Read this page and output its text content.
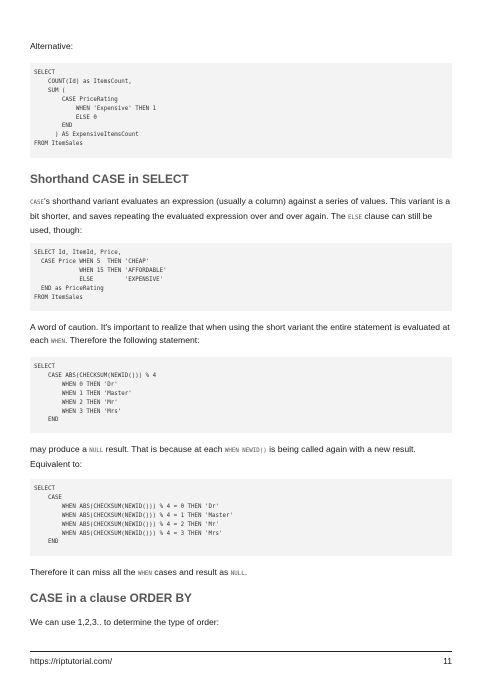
Alternative:
SELECT
COUNT(Id) as ItemsCount,
SUM (
CASE PriceRating
WHEN 'Expensive' THEN 1
ELSE 0
END
) AS ExpensiveItemsCount
FROM ItemSales
Shorthand CASE in SELECT
CASE's shorthand variant evaluates an expression (usually a column) against a series of values. This variant is a bit shorter, and saves repeating the evaluated expression over and over again. The ELSE clause can still be used, though:
SELECT Id, ItemId, Price,
CASE Price WHEN 5  THEN 'CHEAP'
WHEN 15 THEN 'AFFORDABLE'
ELSE         'EXPENSIVE'
END as PriceRating
FROM ItemSales
A word of caution. It's important to realize that when using the short variant the entire statement is evaluated at each WHEN. Therefore the following statement:
SELECT
CASE ABS(CHECKSUM(NEWID())) % 4
WHEN 0 THEN 'Dr'
WHEN 1 THEN 'Master'
WHEN 2 THEN 'Mr'
WHEN 3 THEN 'Mrs'
END
may produce a NULL result. That is because at each WHEN NEWID() is being called again with a new result. Equivalent to:
SELECT
CASE
WHEN ABS(CHECKSUM(NEWID())) % 4 = 0 THEN 'Dr'
WHEN ABS(CHECKSUM(NEWID())) % 4 = 1 THEN 'Master'
WHEN ABS(CHECKSUM(NEWID())) % 4 = 2 THEN 'Mr'
WHEN ABS(CHECKSUM(NEWID())) % 4 = 3 THEN 'Mrs'
END
Therefore it can miss all the WHEN cases and result as NULL.
CASE in a clause ORDER BY
We can use 1,2,3.. to determine the type of order:
https://riptutorial.com/	11
